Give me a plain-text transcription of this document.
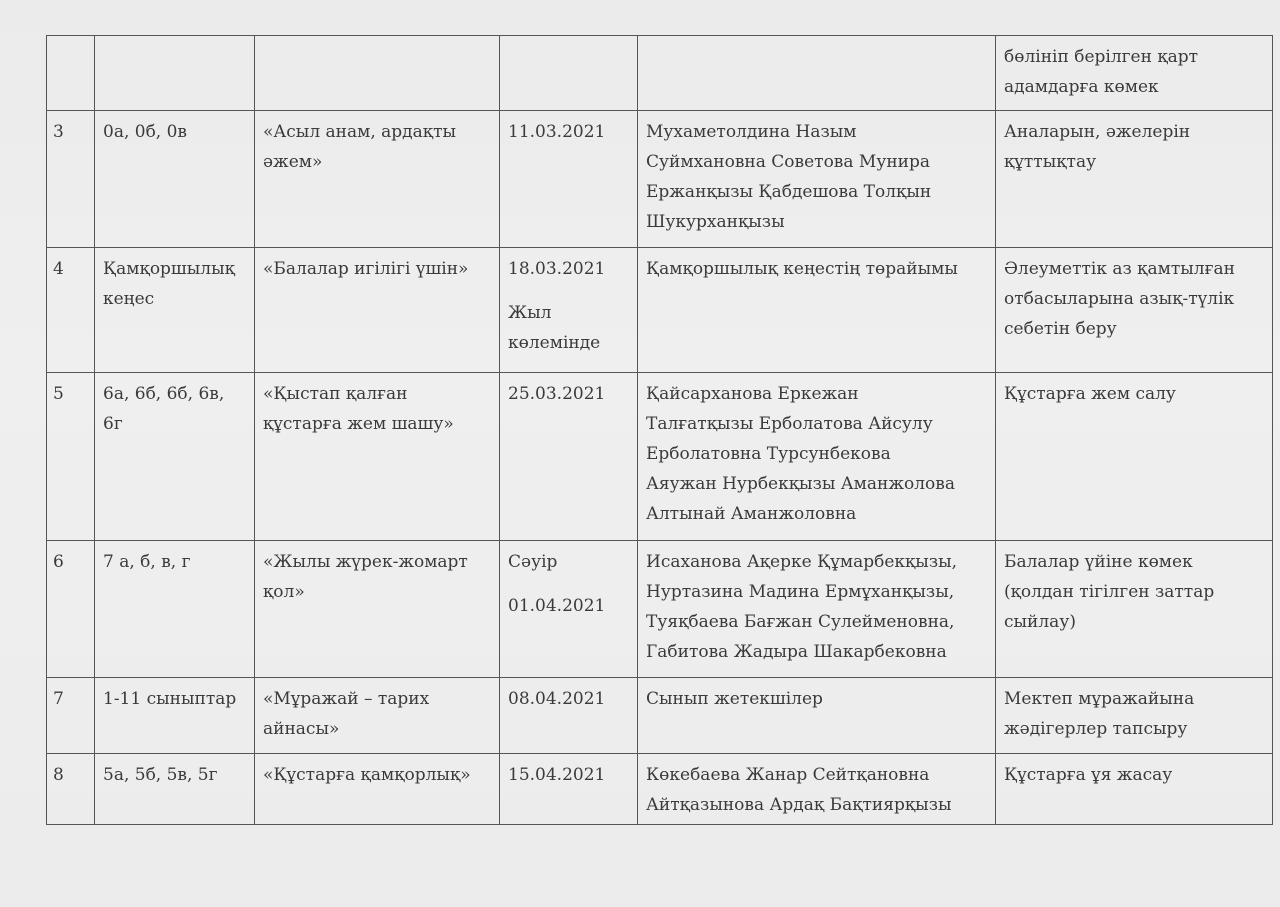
					бөлініп берілген қарт
адамдарға көмек
3	0а, 0б, 0в	«Асыл анам, ардақты
әжем»	11.03.2021	Мухаметолдина Назым
Суймхановна Советова Мунира
Ержанқызы Қабдешова Толқын
Шукурханқызы	Аналарын, әжелерін
құттықтау
4	Қамқоршылық
кеңес	«Балалар игілігі үшін»	18.03.2021
Жыл
көлемінде	Қамқоршылық кеңестің төрайымы	Әлеуметтік аз қамтылған
отбасыларына азық-түлік
себетін беру
5	6а, 6б, 6б, 6в,
6г	«Қыстап қалған
құстарға жем шашу»	25.03.2021	Қайсарханова Еркежан
Талғатқызы Ерболатова Айсулу
Ерболатовна Турсунбекова
Аяужан Нурбекқызы Аманжолова
Алтынай Аманжоловна	Құстарға жем салу
6	7 а, б, в, г	«Жылы жүрек-жомарт
қол»	Сәуір
01.04.2021	Исаханова Ақерке Құмарбекқызы,
Нуртазина Мадина Ермұханқызы,
Туяқбаева Бағжан Сулейменовна,
Габитова Жадыра Шакарбековна	Балалар үйіне көмек
(қолдан тігілген заттар
сыйлау)
7	1-11 сыныптар	«Мұражай – тарих
айнасы»	08.04.2021	Сынып жетекшілер	Мектеп мұражайына
жәдігерлер тапсыру
8	5а, 5б, 5в, 5г	«Құстарға қамқорлық»	15.04.2021	Көкебаева Жанар Сейтқановна
Айтқазынова Ардақ Бақтиярқызы	Құстарға ұя жасау
